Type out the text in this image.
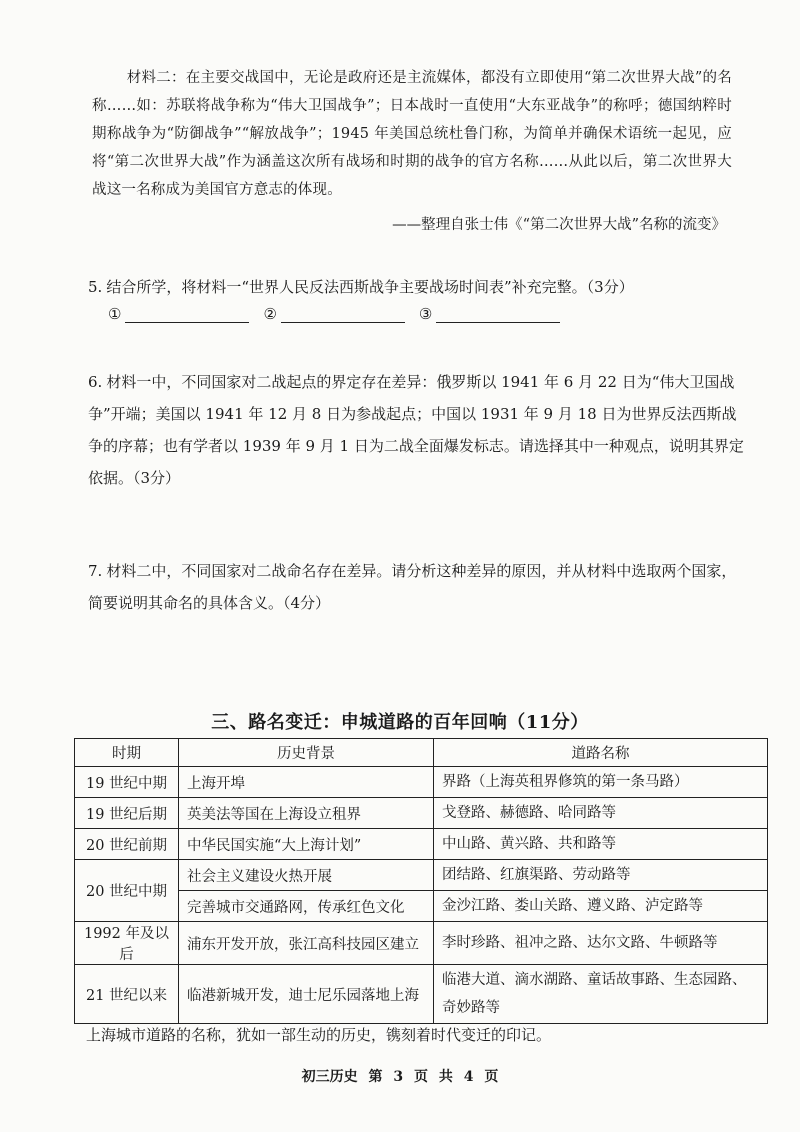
材料二：在主要交战国中，无论是政府还是主流媒体，都没有立即使用“第二次世界大战”的名称……如：苏联将战争称为“伟大卫国战争”；日本战时一直使用“大东亚战争”的称呼；德国纳粹时期称战争为“防御战争”“解放战争”；1945 年美国总统杜鲁门称，为简单并确保术语统一起见，应将“第二次世界大战”作为涵盖这次所有战场和时期的战争的官方名称……从此以后，第二次世界大战这一名称成为美国官方意志的体现。

——整理自张士伟《“第二次世界大战”名称的流变》
5. 结合所学，将材料一“世界人民反法西斯战争主要战场时间表”补充完整。（3分）
①	②	③
6. 材料一中，不同国家对二战起点的界定存在差异：俄罗斯以 1941 年 6 月 22 日为“伟大卫国战争”开端；美国以 1941 年 12 月 8 日为参战起点；中国以 1931 年 9 月 18 日为世界反法西斯战争的序幕；也有学者以 1939 年 9 月 1 日为二战全面爆发标志。请选择其中一种观点，说明其界定依据。（3分）
7. 材料二中，不同国家对二战命名存在差异。请分析这种差异的原因，并从材料中选取两个国家，简要说明其命名的具体含义。（4分）
三、路名变迁：申城道路的百年回响（11分）
时期	历史背景	道路名称
19 世纪中期	上海开埠	界路（上海英租界修筑的第一条马路）
19 世纪后期	英美法等国在上海设立租界	戈登路、赫德路、哈同路等
20 世纪前期	中华民国实施“大上海计划”	中山路、黄兴路、共和路等
20 世纪中期	社会主义建设火热开展	团结路、红旗渠路、劳动路等
	完善城市交通路网，传承红色文化	金沙江路、娄山关路、遵义路、泸定路等
1992 年及以后	浦东开发开放，张江高科技园区建立	李时珍路、祖冲之路、达尔文路、牛顿路等
21 世纪以来	临港新城开发，迪士尼乐园落地上海	临港大道、滴水湖路、童话故事路、生态园路、奇妙路等
上海城市道路的名称，犹如一部生动的历史，镌刻着时代变迁的印记。
初三历史 第 3 页 共 4 页
